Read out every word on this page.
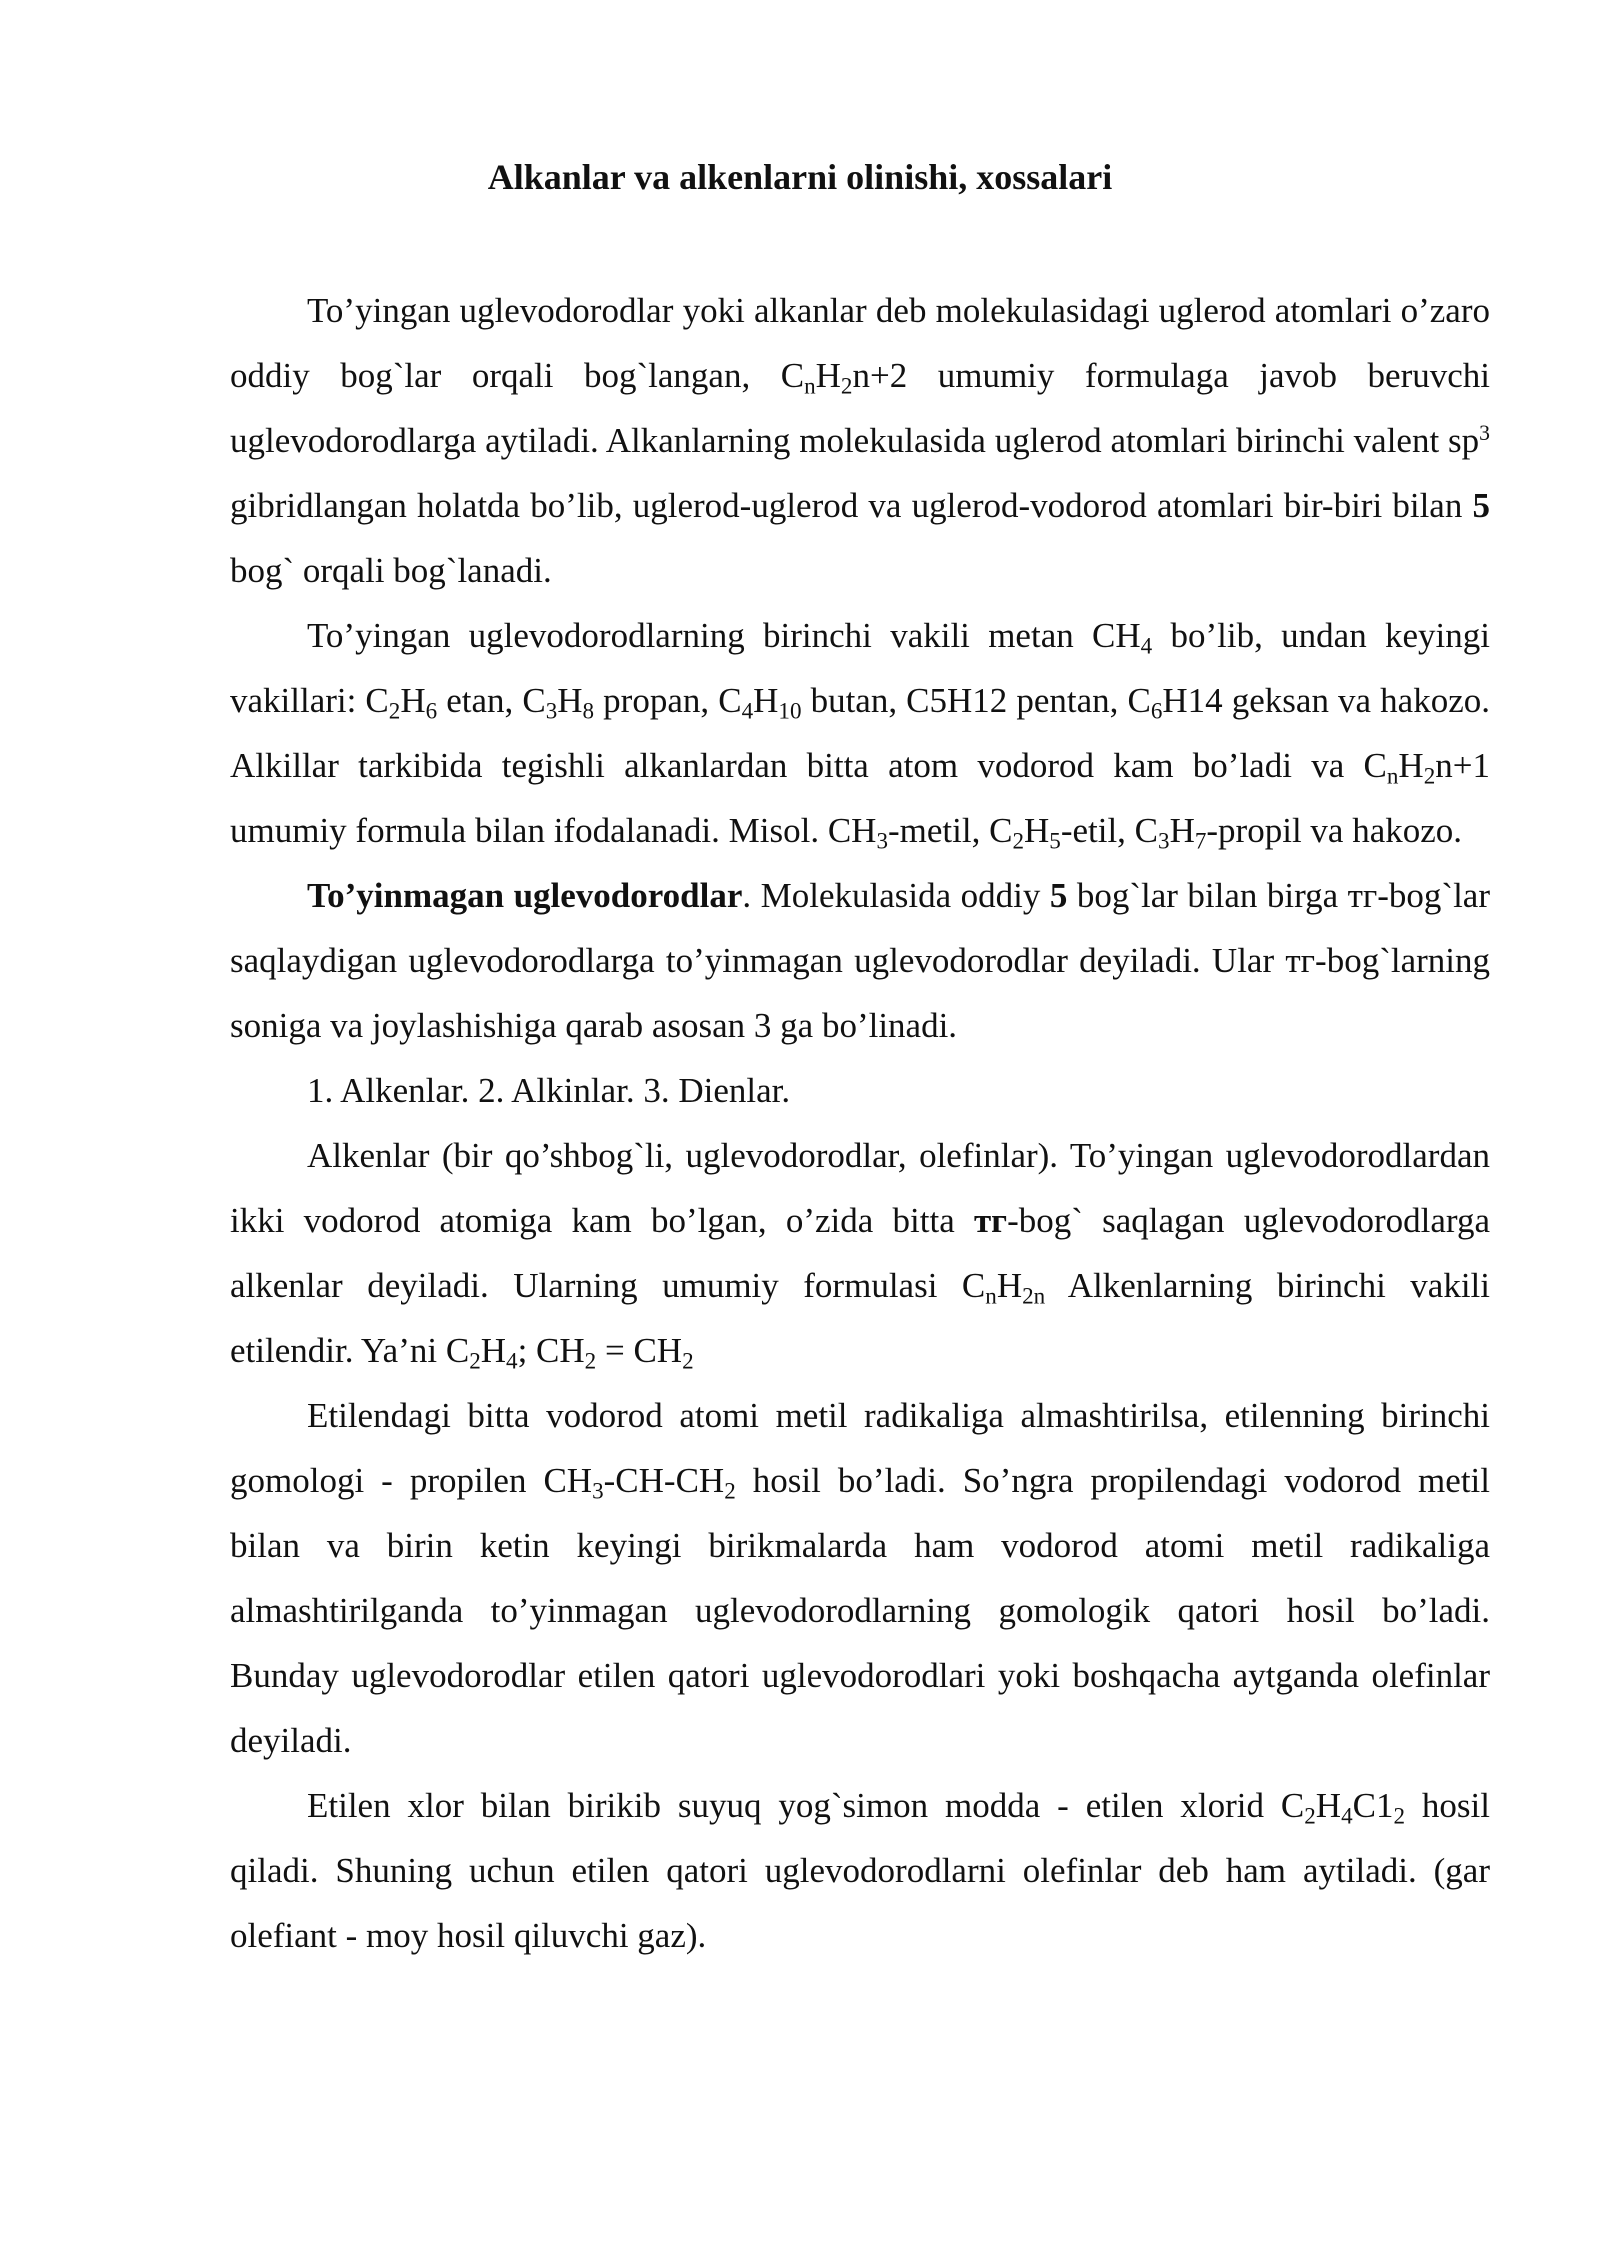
Alkanlar va alkenlarni olinishi, xossalari

To’yingan uglevodorodlar yoki alkanlar deb molekulasidagi uglerod atomlari o’zaro oddiy bog`lar orqali bog`langan, $C_nH_2n+2$ umumiy formulaga javob beruvchi uglevodorodlarga aytiladi. Alkanlarning molekulasida uglerod atomlari birinchi valent $sp^3$ gibridlangan holatda bo’lib, uglerod-uglerod va uglerod-vodorod atomlari bir-biri bilan 5 bog` orqali bog`lanadi.

To’yingan uglevodorodlarning birinchi vakili metan $CH_4$ bo’lib, undan keyingi vakillari: $C_2H_6$ etan, $C_3H_8$ propan, $C_4H_{10}$ butan, C5H12 pentan, $C_6H14$ geksan va hakozo. Alkillar tarkibida tegishli alkanlardan bitta atom vodorod kam bo’ladi va $C_nH_2n+1$ umumiy formula bilan ifodalanadi. Misol. $CH_3$-metil, $C_2H_5$-etil, $C_3H_7$-propil va hakozo.

To’yinmagan uglevodorodlar. Molekulasida oddiy 5 bog`lar bilan birga ᴛг-bog`lar saqlaydigan uglevodorodlarga to’yinmagan uglevodorodlar deyiladi. Ular ᴛг-bog`larning soniga va joylashishiga qarab asosan 3 ga bo’linadi.

1. Alkenlar. 2. Alkinlar. 3. Dienlar.

Alkenlar (bir qo’shbog`li, uglevodorodlar, olefinlar). To’yingan uglevodorodlardan ikki vodorod atomiga kam bo’lgan, o’zida bitta ᴛг-bog` saqlagan uglevodorodlarga alkenlar deyiladi. Ularning umumiy formulasi $C_nH_{2n}$ Alkenlarning birinchi vakili etilendir. Ya’ni $C_2H_4$; $CH_2 = CH_2$

Etilendagi bitta vodorod atomi metil radikaliga almashtirilsa, etilenning birinchi gomologi - propilen $CH_3-CH-CH_2$ hosil bo’ladi. So’ngra propilendagi vodorod metil bilan va birin ketin keyingi birikmalarda ham vodorod atomi metil radikaliga almashtirilganda to’yinmagan uglevodorodlarning gomologik qatori hosil bo’ladi. Bunday uglevodorodlar etilen qatori uglevodorodlari yoki boshqacha aytganda olefinlar deyiladi.

Etilen xlor bilan birikib suyuq yog`simon modda - etilen xlorid $C_2H_4C1_2$ hosil qiladi. Shuning uchun etilen qatori uglevodorodlarni olefinlar deb ham aytiladi. (gar olefiant - moy hosil qiluvchi gaz).
